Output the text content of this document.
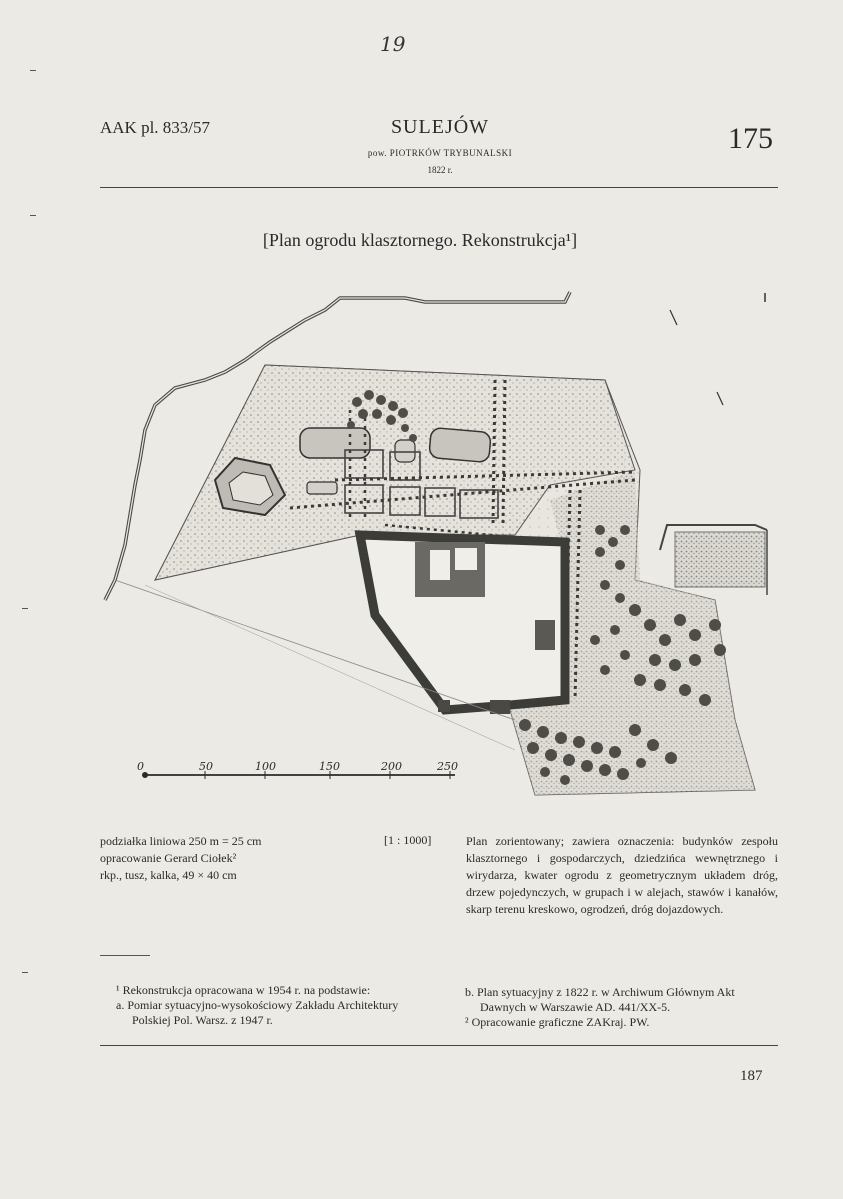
19
AAK pl. 833/57	SULEJÓW
pow. PIOTRKÓW TRYBUNALSKI
1822 r.
175
[Plan ogrodu klasztornego. Rekonstrukcja¹]
0	50	100	150	200	250
podziałka liniowa 250 m = 25 cm
opracowanie Gerard Ciołek²
rkp., tusz, kalka, 49 × 40 cm
[1 : 1000]	Plan zorientowany; zawiera oznaczenia: budynków zespołu klasztornego i gospodarczych, dziedzińca wewnętrznego i wirydarza, kwater ogrodu z geometrycznym układem dróg, drzew pojedynczych, w grupach i w alejach, stawów i kanałów, skarp terenu kreskowo, ogrodzeń, dróg dojazdowych.
¹ Rekonstrukcja opracowana w 1954 r. na podstawie:
a. Pomiar sytuacyjno-wysokościowy Zakładu Architektury
Polskiej Pol. Warsz. z 1947 r.
b. Plan sytuacyjny z 1822 r. w Archiwum Głównym Akt
Dawnych w Warszawie AD. 441/XX-5.
² Opracowanie graficzne ZAKraj. PW.
187
